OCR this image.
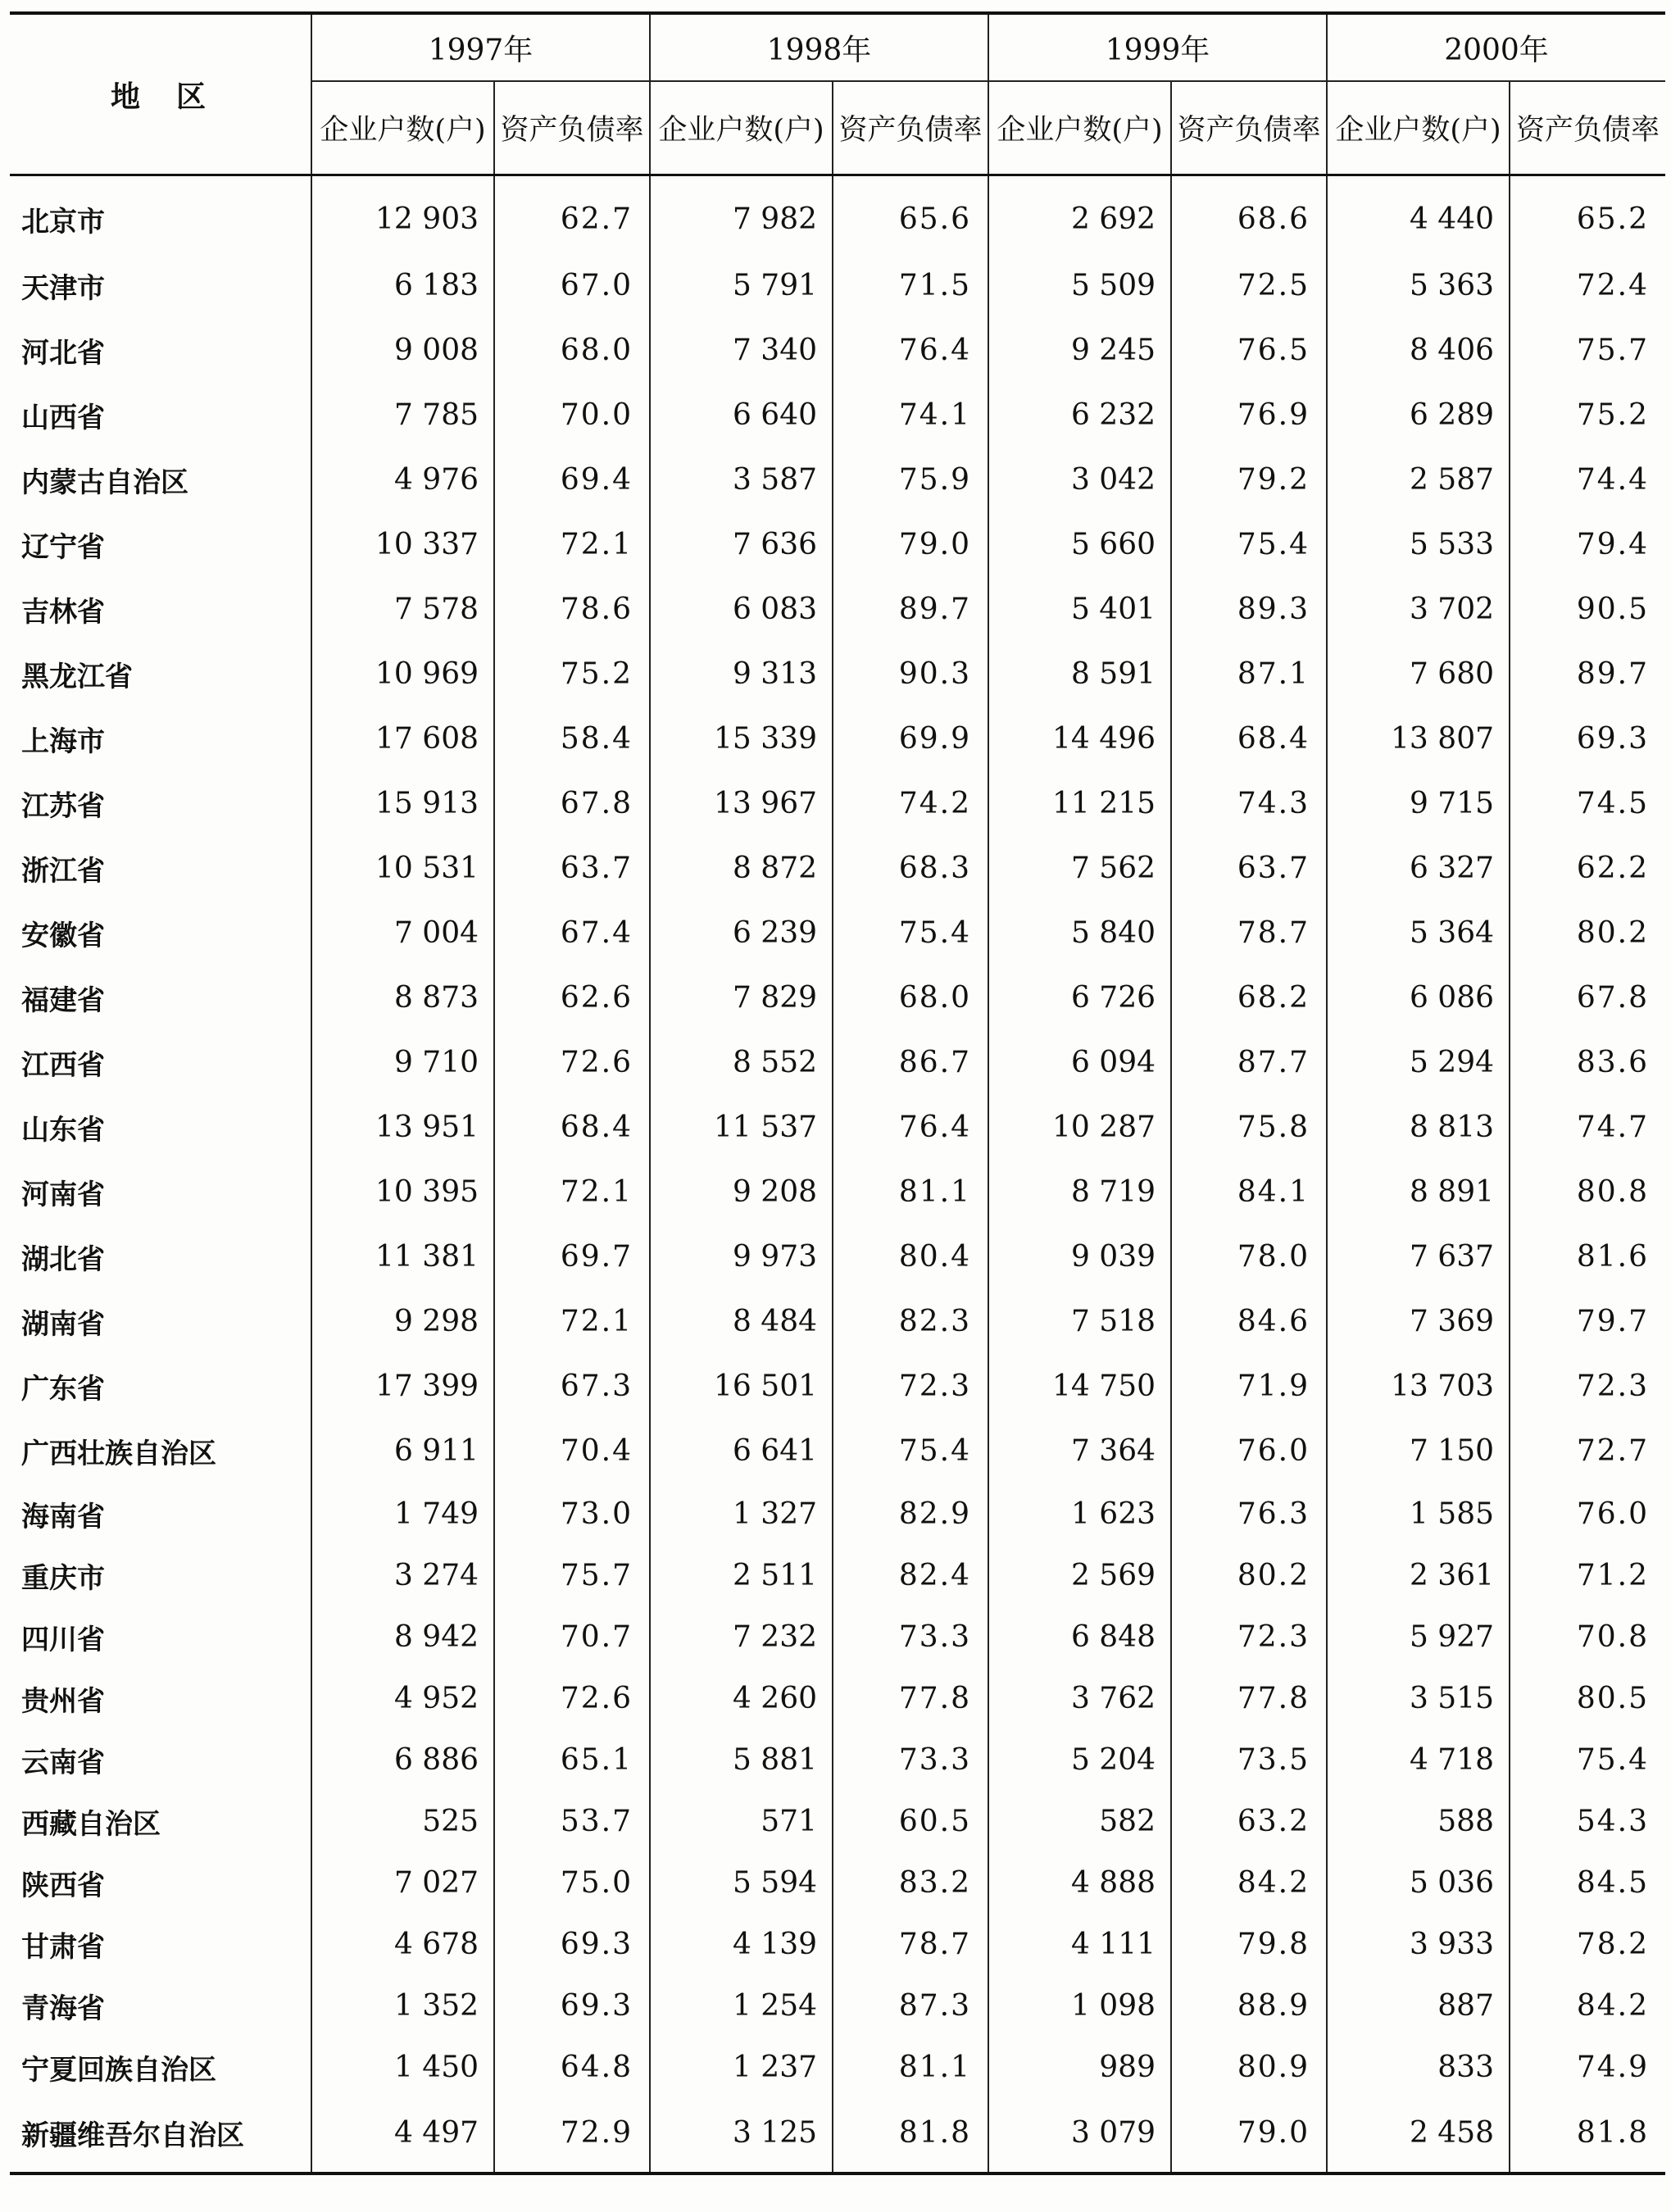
地区	1997年		1998年		1999年		2000年	
	企业户数(户)	资产负债率	企业户数(户)	资产负债率	企业户数(户)	资产负债率	企业户数(户)	资产负债率
北京市	12 903	62.7	7 982	65.6	2 692	68.6	4 440	65.2
天津市	6 183	67.0	5 791	71.5	5 509	72.5	5 363	72.4
河北省	9 008	68.0	7 340	76.4	9 245	76.5	8 406	75.7
山西省	7 785	70.0	6 640	74.1	6 232	76.9	6 289	75.2
内蒙古自治区	4 976	69.4	3 587	75.9	3 042	79.2	2 587	74.4
辽宁省	10 337	72.1	7 636	79.0	5 660	75.4	5 533	79.4
吉林省	7 578	78.6	6 083	89.7	5 401	89.3	3 702	90.5
黑龙江省	10 969	75.2	9 313	90.3	8 591	87.1	7 680	89.7
上海市	17 608	58.4	15 339	69.9	14 496	68.4	13 807	69.3
江苏省	15 913	67.8	13 967	74.2	11 215	74.3	9 715	74.5
浙江省	10 531	63.7	8 872	68.3	7 562	63.7	6 327	62.2
安徽省	7 004	67.4	6 239	75.4	5 840	78.7	5 364	80.2
福建省	8 873	62.6	7 829	68.0	6 726	68.2	6 086	67.8
江西省	9 710	72.6	8 552	86.7	6 094	87.7	5 294	83.6
山东省	13 951	68.4	11 537	76.4	10 287	75.8	8 813	74.7
河南省	10 395	72.1	9 208	81.1	8 719	84.1	8 891	80.8
湖北省	11 381	69.7	9 973	80.4	9 039	78.0	7 637	81.6
湖南省	9 298	72.1	8 484	82.3	7 518	84.6	7 369	79.7
广东省	17 399	67.3	16 501	72.3	14 750	71.9	13 703	72.3
广西壮族自治区	6 911	70.4	6 641	75.4	7 364	76.0	7 150	72.7
海南省	1 749	73.0	1 327	82.9	1 623	76.3	1 585	76.0
重庆市	3 274	75.7	2 511	82.4	2 569	80.2	2 361	71.2
四川省	8 942	70.7	7 232	73.3	6 848	72.3	5 927	70.8
贵州省	4 952	72.6	4 260	77.8	3 762	77.8	3 515	80.5
云南省	6 886	65.1	5 881	73.3	5 204	73.5	4 718	75.4
西藏自治区	525	53.7	571	60.5	582	63.2	588	54.3
陕西省	7 027	75.0	5 594	83.2	4 888	84.2	5 036	84.5
甘肃省	4 678	69.3	4 139	78.7	4 111	79.8	3 933	78.2
青海省	1 352	69.3	1 254	87.3	1 098	88.9	887	84.2
宁夏回族自治区	1 450	64.8	1 237	81.1	989	80.9	833	74.9
新疆维吾尔自治区	4 497	72.9	3 125	81.8	3 079	79.0	2 458	81.8
